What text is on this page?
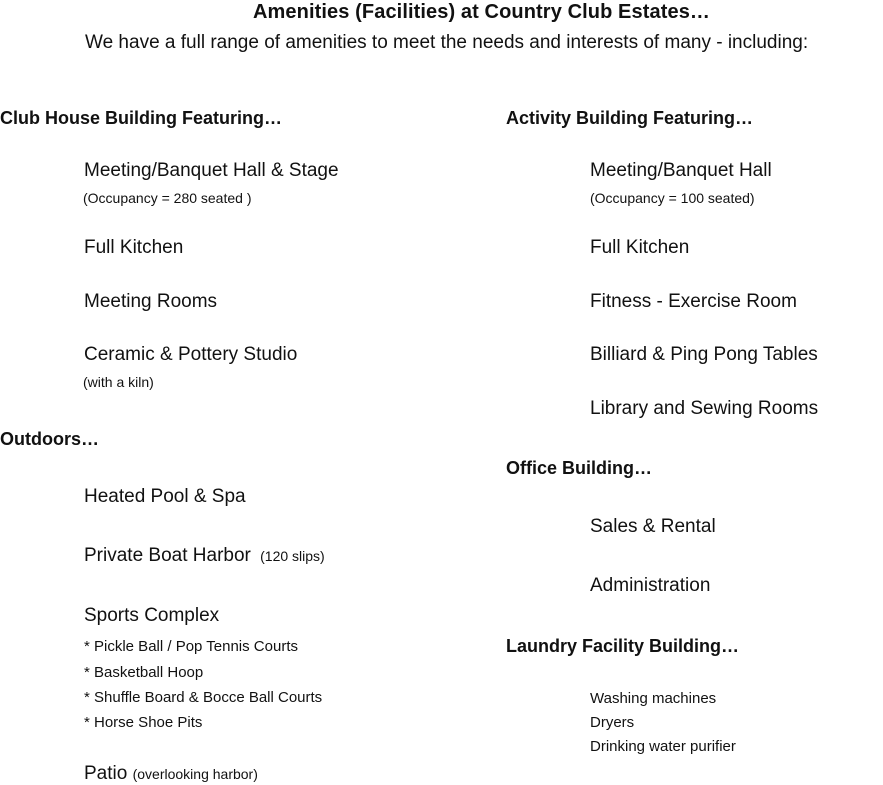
Amenities (Facilities) at Country Club Estates…
We have a full range of amenities to meet the needs and interests of many - including:
Club House Building Featuring…
Meeting/Banquet Hall & Stage
(Occupancy = 280 seated )
Full Kitchen
Meeting Rooms
Ceramic & Pottery Studio
(with a kiln)
Outdoors…
Heated Pool & Spa
Private Boat Harbor (120 slips)
Sports Complex
* Pickle Ball / Pop Tennis Courts
* Basketball Hoop
* Shuffle Board & Bocce Ball Courts
* Horse Shoe Pits
Patio (overlooking harbor)
Activity Building Featuring…
Meeting/Banquet Hall
(Occupancy = 100 seated)
Full Kitchen
Fitness - Exercise Room
Billiard & Ping Pong Tables
Library and Sewing Rooms
Office Building…
Sales & Rental
Administration
Laundry Facility Building…
Washing machines
Dryers
Drinking water purifier
